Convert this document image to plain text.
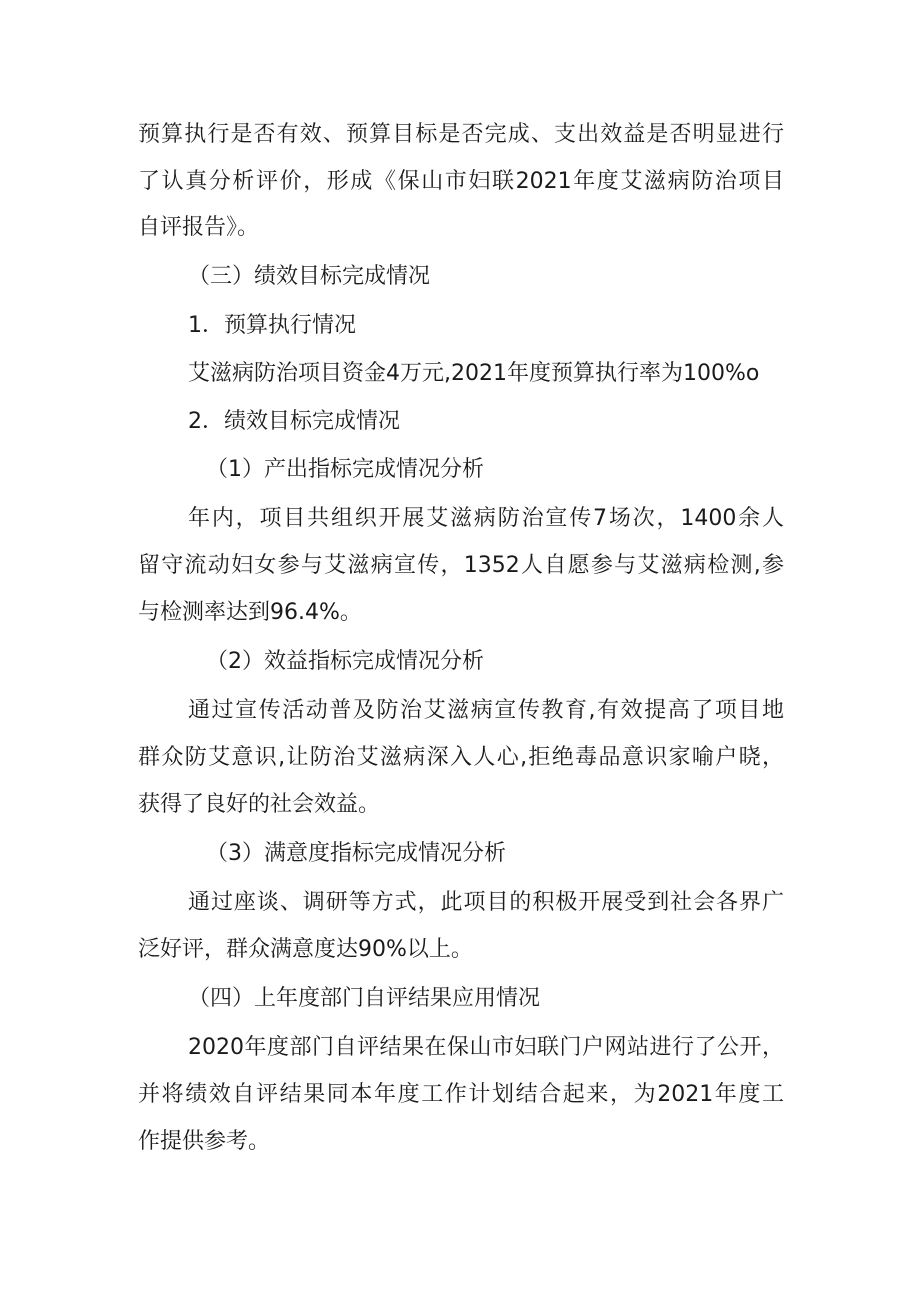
预算执行是否有效、预算目标是否完成、支出效益是否明显进行
了认真分析评价，形成《保山市妇联2021年度艾滋病防治项目
自评报告》。
（三）绩效目标完成情况
1．预算执行情况
艾滋病防治项目资金4万元,2021年度预算执行率为100%o
2．绩效目标完成情况
（1）产出指标完成情况分析
年内，项目共组织开展艾滋病防治宣传7场次，1400余人
留守流动妇女参与艾滋病宣传，1352人自愿参与艾滋病检测,参
与检测率达到96.4%。
（2）效益指标完成情况分析
通过宣传活动普及防治艾滋病宣传教育,有效提高了项目地
群众防艾意识,让防治艾滋病深入人心,拒绝毒品意识家喻户晓，
获得了良好的社会效益。
（3）满意度指标完成情况分析
通过座谈、调研等方式，此项目的积极开展受到社会各界广
泛好评，群众满意度达90%以上。
（四）上年度部门自评结果应用情况
2020年度部门自评结果在保山市妇联门户网站进行了公开，
并将绩效自评结果同本年度工作计划结合起来，为2021年度工
作提供参考。
